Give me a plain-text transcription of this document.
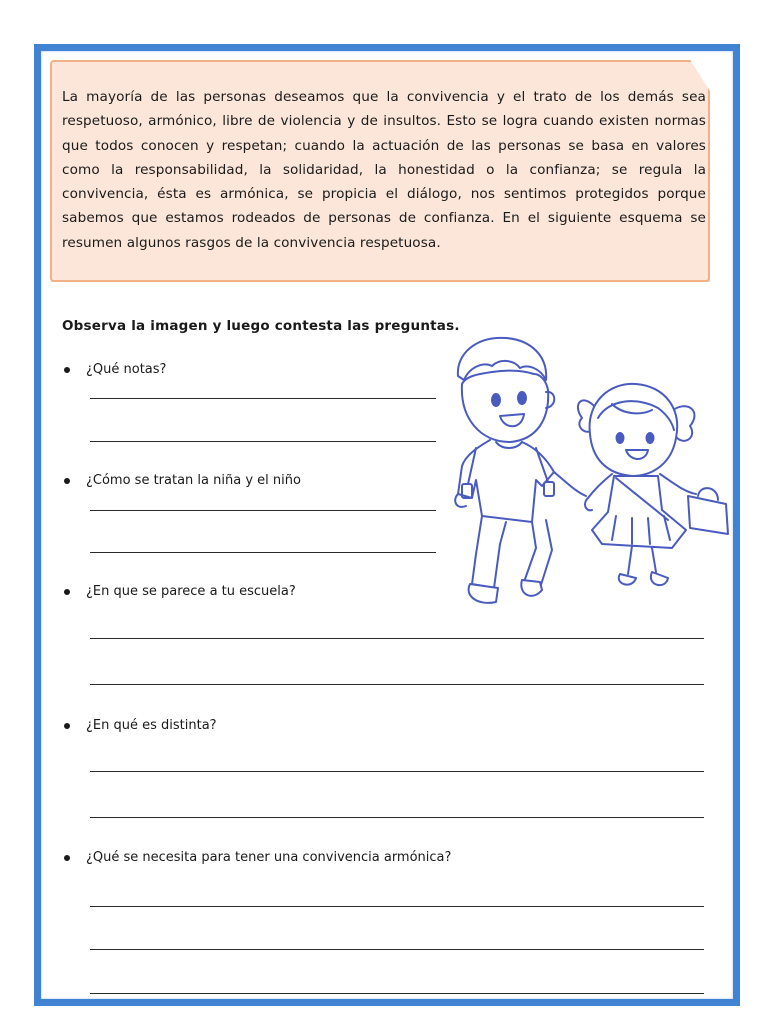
La mayoría de las personas deseamos que la convivencia y el trato de los demás sea respetuoso, armónico, libre de violencia y de insultos. Esto se logra cuando existen normas que todos conocen y respetan; cuando la actuación de las personas se basa en valores como la responsabilidad, la solidaridad, la honestidad o la confianza; se regula la convivencia, ésta es armónica, se propicia el diálogo, nos sentimos protegidos porque sabemos que estamos rodeados de personas de confianza. En el siguiente esquema se resumen algunos rasgos de la convivencia respetuosa.
Observa la imagen y luego contesta las preguntas.
¿Qué notas?
¿Cómo se tratan la niña y el niño
¿En que se parece a tu escuela?
¿En qué es distinta?
¿Qué se necesita para tener una convivencia armónica?
